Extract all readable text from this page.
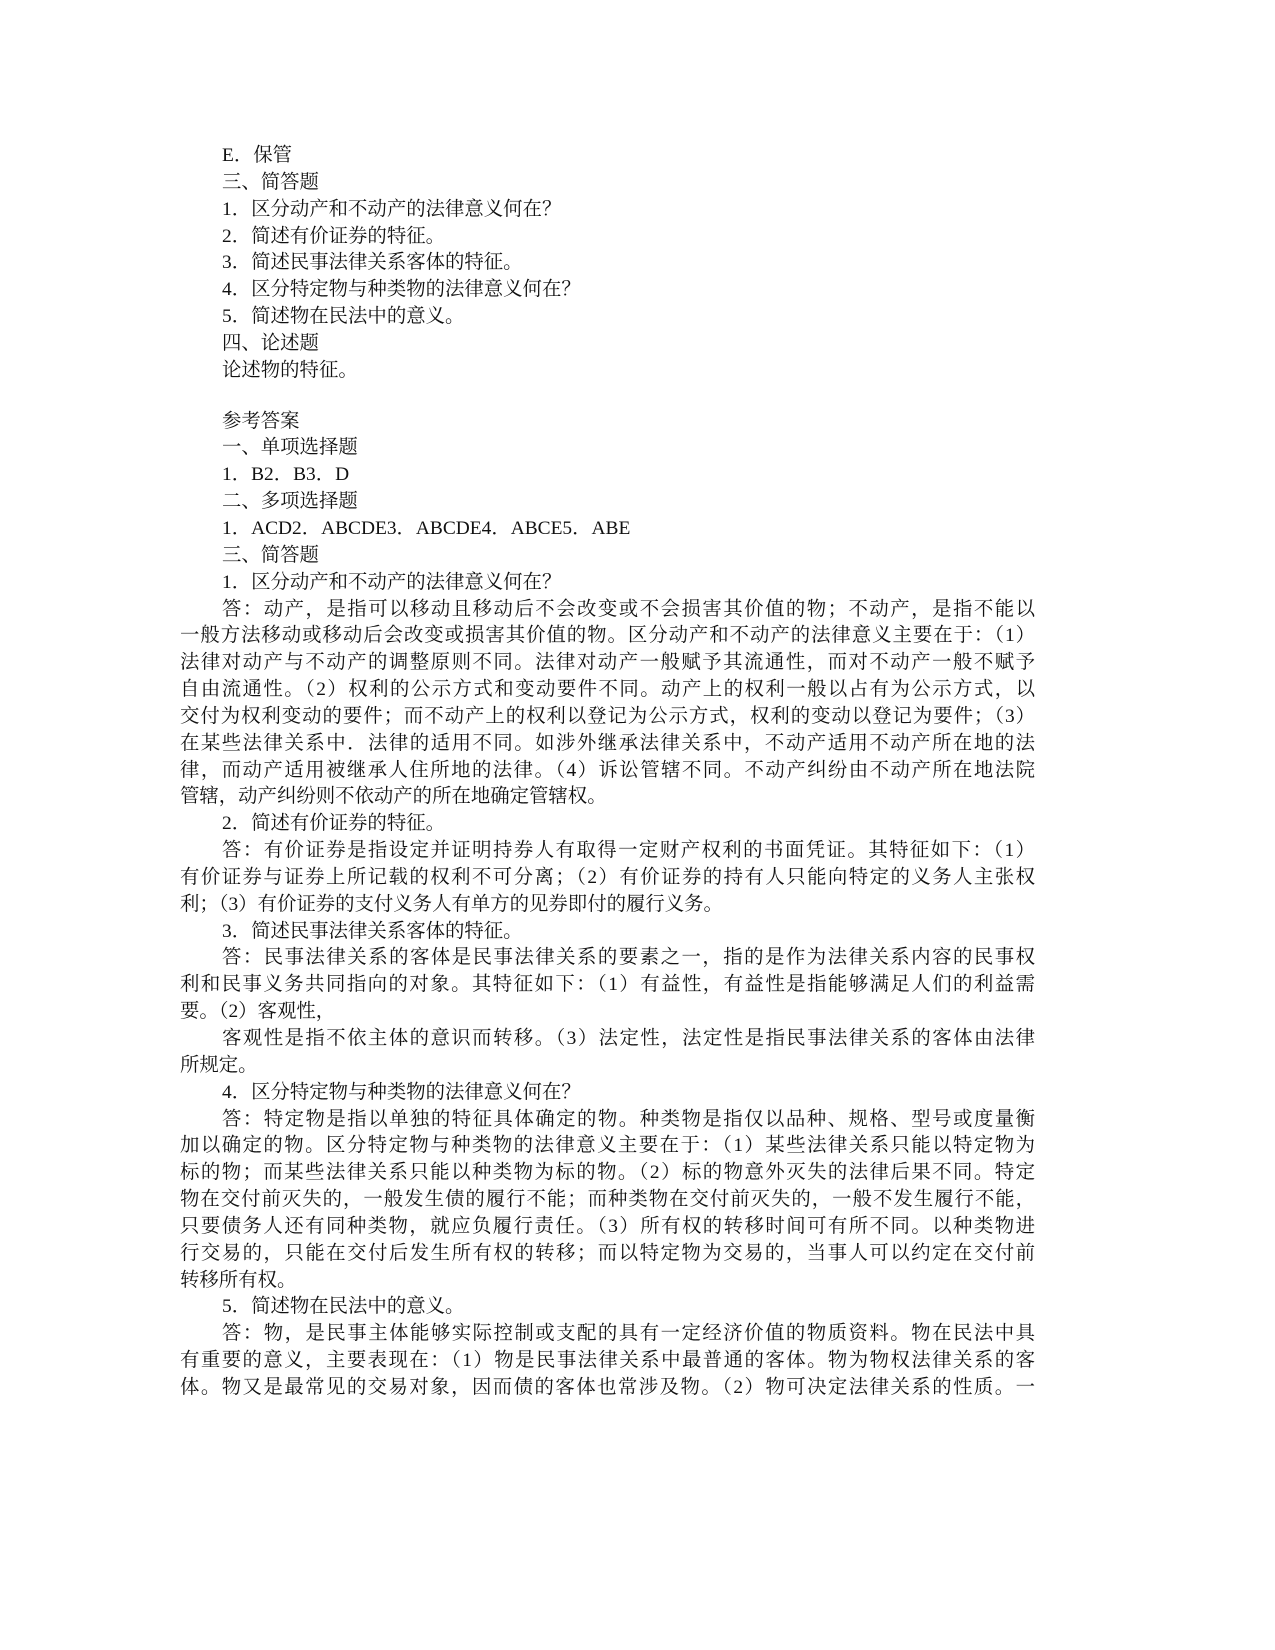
E．保管
三、简答题
1．区分动产和不动产的法律意义何在？
2．简述有价证券的特征。
3．简述民事法律关系客体的特征。
4．区分特定物与种类物的法律意义何在？
5．简述物在民法中的意义。
四、论述题
论述物的特征。
参考答案
一、单项选择题
1．B2．B3．D
二、多项选择题
1．ACD2．ABCDE3．ABCDE4．ABCE5．ABE
三、简答题
1．区分动产和不动产的法律意义何在？
答：动产，是指可以移动且移动后不会改变或不会损害其价值的物；不动产，是指不能以
一般方法移动或移动后会改变或损害其价值的物。区分动产和不动产的法律意义主要在于：（1）
法律对动产与不动产的调整原则不同。法律对动产一般赋予其流通性，而对不动产一般不赋予
自由流通性。（2）权利的公示方式和变动要件不同。动产上的权利一般以占有为公示方式，以
交付为权利变动的要件；而不动产上的权利以登记为公示方式，权利的变动以登记为要件；（3）
在某些法律关系中．法律的适用不同。如涉外继承法律关系中，不动产适用不动产所在地的法
律，而动产适用被继承人住所地的法律。（4）诉讼管辖不同。不动产纠纷由不动产所在地法院
管辖，动产纠纷则不依动产的所在地确定管辖权。
2．简述有价证券的特征。
答：有价证券是指设定并证明持券人有取得一定财产权利的书面凭证。其特征如下：（1）
有价证券与证券上所记载的权利不可分离；（2）有价证券的持有人只能向特定的义务人主张权
利；（3）有价证券的支付义务人有单方的见券即付的履行义务。
3．简述民事法律关系客体的特征。
答：民事法律关系的客体是民事法律关系的要素之一，指的是作为法律关系内容的民事权
利和民事义务共同指向的对象。其特征如下：（1）有益性，有益性是指能够满足人们的利益需
要。（2）客观性，
客观性是指不依主体的意识而转移。（3）法定性，法定性是指民事法律关系的客体由法律
所规定。
4．区分特定物与种类物的法律意义何在？
答：特定物是指以单独的特征具体确定的物。种类物是指仅以品种、规格、型号或度量衡
加以确定的物。区分特定物与种类物的法律意义主要在于：（1）某些法律关系只能以特定物为
标的物；而某些法律关系只能以种类物为标的物。（2）标的物意外灭失的法律后果不同。特定
物在交付前灭失的，一般发生债的履行不能；而种类物在交付前灭失的，一般不发生履行不能，
只要债务人还有同种类物，就应负履行责任。（3）所有权的转移时间可有所不同。以种类物进
行交易的，只能在交付后发生所有权的转移；而以特定物为交易的，当事人可以约定在交付前
转移所有权。
5．简述物在民法中的意义。
答：物，是民事主体能够实际控制或支配的具有一定经济价值的物质资料。物在民法中具
有重要的意义，主要表现在：（1）物是民事法律关系中最普通的客体。物为物权法律关系的客
体。物又是最常见的交易对象，因而债的客体也常涉及物。（2）物可决定法律关系的性质。一
